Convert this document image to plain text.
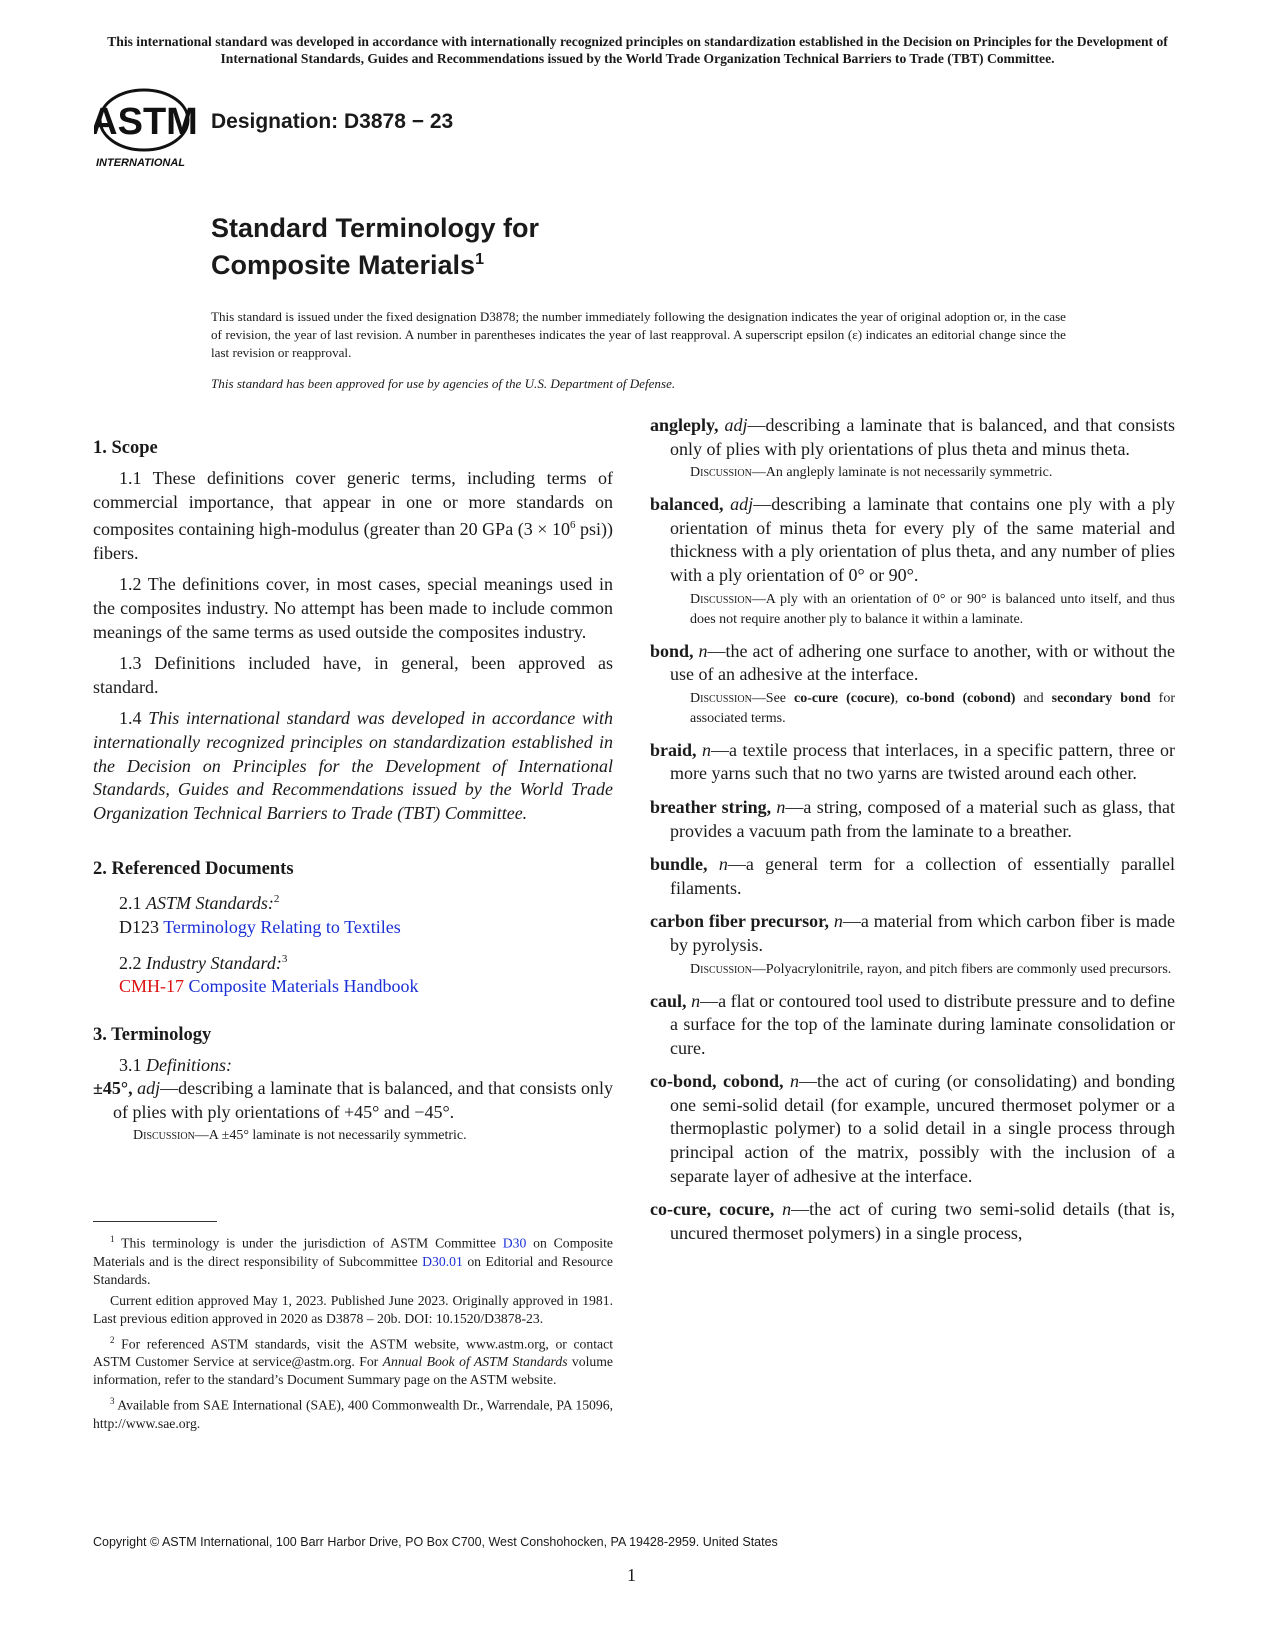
This international standard was developed in accordance with internationally recognized principles on standardization established in the Decision on Principles for the Development of International Standards, Guides and Recommendations issued by the World Trade Organization Technical Barriers to Trade (TBT) Committee.
ASTM
INTERNATIONAL
Designation: D3878 − 23
Standard Terminology for
Composite Materials$^1$
This standard is issued under the fixed designation D3878; the number immediately following the designation indicates the year of original adoption or, in the case of revision, the year of last revision. A number in parentheses indicates the year of last reapproval. A superscript epsilon (ε) indicates an editorial change since the last revision or reapproval.
This standard has been approved for use by agencies of the U.S. Department of Defense.
1. Scope

1.1 These definitions cover generic terms, including terms of commercial importance, that appear in one or more standards on composites containing high-modulus (greater than 20 GPa ($3 \times 10^6$ psi)) fibers.

1.2 The definitions cover, in most cases, special meanings used in the composites industry. No attempt has been made to include common meanings of the same terms as used outside the composites industry.

1.3 Definitions included have, in general, been approved as standard.

1.4 This international standard was developed in accordance with internationally recognized principles on standardization established in the Decision on Principles for the Development of International Standards, Guides and Recommendations issued by the World Trade Organization Technical Barriers to Trade (TBT) Committee.

2. Referenced Documents

2.1 ASTM Standards:$^2$

D123 Terminology Relating to Textiles

2.2 Industry Standard:$^3$

CMH-17 Composite Materials Handbook

3. Terminology

3.1 Definitions:

±45°, adj—describing a laminate that is balanced, and that consists only of plies with ply orientations of +45° and −45°.
Discussion—A ±45° laminate is not necessarily symmetric.

$^1$ This terminology is under the jurisdiction of ASTM Committee D30 on Composite Materials and is the direct responsibility of Subcommittee D30.01 on Editorial and Resource Standards.

Current edition approved May 1, 2023. Published June 2023. Originally approved in 1981. Last previous edition approved in 2020 as D3878 – 20b. DOI: 10.1520/D3878-23.

$^2$ For referenced ASTM standards, visit the ASTM website, www.astm.org, or contact ASTM Customer Service at service@astm.org. For Annual Book of ASTM Standards volume information, refer to the standard’s Document Summary page on the ASTM website.

$^3$ Available from SAE International (SAE), 400 Commonwealth Dr., Warrendale, PA 15096, http://www.sae.org.

angleply, adj—describing a laminate that is balanced, and that consists only of plies with ply orientations of plus theta and minus theta.
Discussion—An angleply laminate is not necessarily symmetric.
balanced, adj—describing a laminate that contains one ply with a ply orientation of minus theta for every ply of the same material and thickness with a ply orientation of plus theta, and any number of plies with a ply orientation of 0° or 90°.
Discussion—A ply with an orientation of 0° or 90° is balanced unto itself, and thus does not require another ply to balance it within a laminate.
bond, n—the act of adhering one surface to another, with or without the use of an adhesive at the interface.
Discussion—See co-cure (cocure), co-bond (cobond) and secondary bond for associated terms.
braid, n—a textile process that interlaces, in a specific pattern, three or more yarns such that no two yarns are twisted around each other.
breather string, n—a string, composed of a material such as glass, that provides a vacuum path from the laminate to a breather.
bundle, n—a general term for a collection of essentially parallel filaments.
carbon fiber precursor, n—a material from which carbon fiber is made by pyrolysis.
Discussion—Polyacrylonitrile, rayon, and pitch fibers are commonly used precursors.
caul, n—a flat or contoured tool used to distribute pressure and to define a surface for the top of the laminate during laminate consolidation or cure.
co-bond, cobond, n—the act of curing (or consolidating) and bonding one semi-solid detail (for example, uncured thermoset polymer or a thermoplastic polymer) to a solid detail in a single process through principal action of the matrix, possibly with the inclusion of a separate layer of adhesive at the interface.
co-cure, cocure, n—the act of curing two semi-solid details (that is, uncured thermoset polymers) in a single process,
Copyright © ASTM International, 100 Barr Harbor Drive, PO Box C700, West Conshohocken, PA 19428-2959. United States
1
